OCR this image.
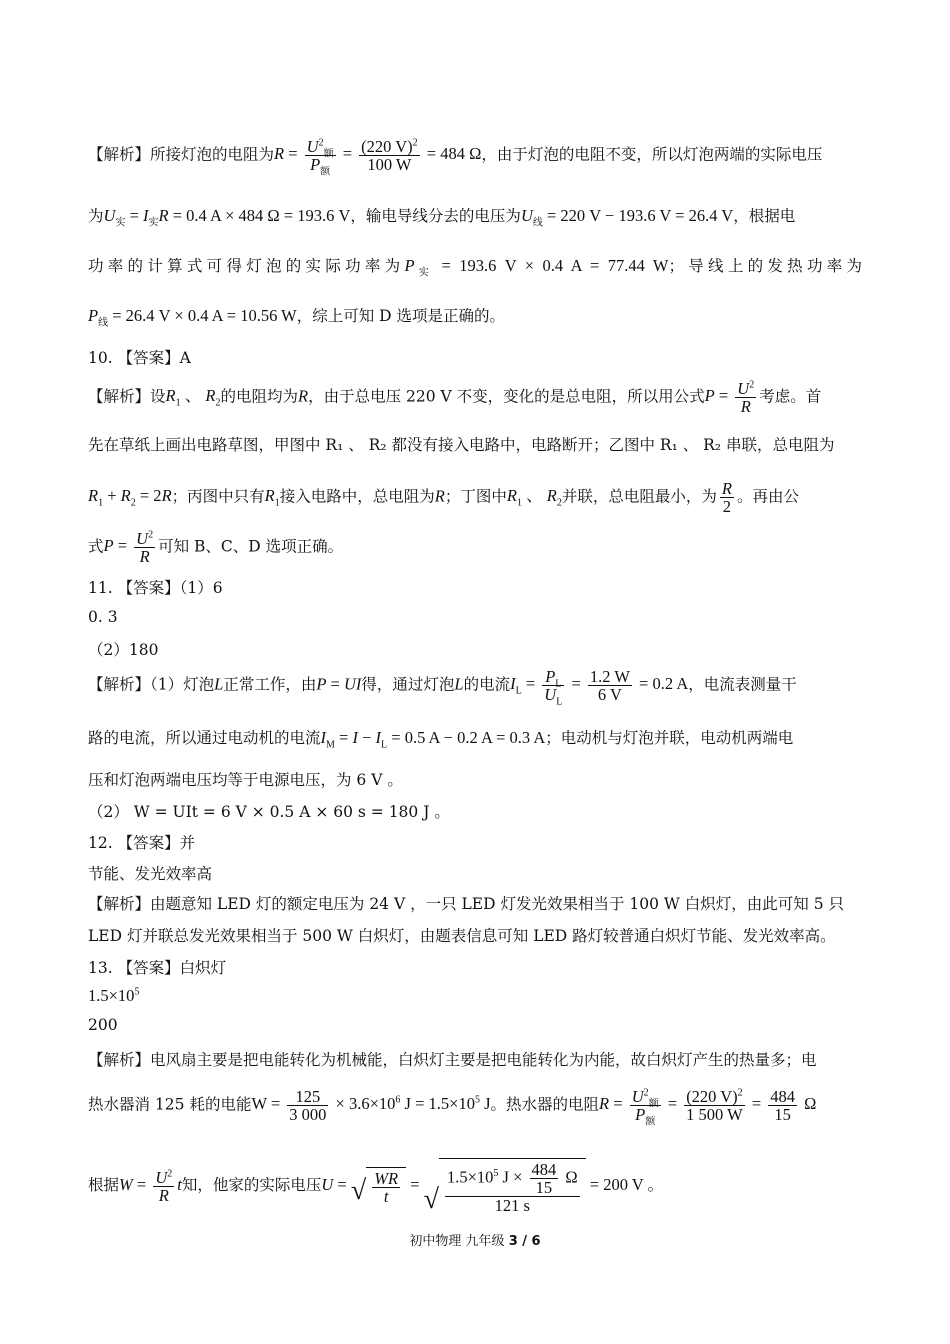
【解析】所接灯泡的电阻为$R = \frac{U^2_额}{P_额} = \frac{(220 V)^2}{100 W} = 484$ Ω，由于灯泡的电阻不变，所以灯泡两端的实际电压
为$U_实 = I_实R = 0.4$ A × 484 Ω = 193.6 V，输电导线分去的电压为$U_线 = 220$ V − 193.6 V = 26.4 V，根据电
功率的计算式可得灯泡的实际功率为$P_实 = 193.6$ V × 0.4 A = 77.44 W；导线上的发热功率为
$P_线 = 26.4$ V × 0.4 A = 10.56 W，综上可知 D 选项是正确的。
10. 【答案】A
【解析】设$R_1$ 、 $R_2$的电阻均为R，由于总电压 220 V 不变，变化的是总电阻，所以用公式$P = \frac{U^2}{R}$ 考虑。首
先在草纸上画出电路草图，甲图中 R₁ 、 R₂ 都没有接入电路中，电路断开；乙图中 R₁ 、 R₂ 串联，总电阻为
$R_1 + R_2 = 2R$；丙图中只有$R_1$接入电路中，总电阻为R；丁图中$R_1$ 、 $R_2$并联，总电阻最小，为 $\frac{R}{2}$ 。再由公
式$P = \frac{U^2}{R}$ 可知 B、C、D 选项正确。
11. 【答案】（1）6
0. 3
（2）180
【解析】（1）灯泡L正常工作，由P = UI得，通过灯泡L的电流$I_L = \frac{P_L}{U_L} = \frac{1.2 W}{6 V} = 0.2$ A，电流表测量干
路的电流，所以通过电动机的电流$I_M = I - I_L = 0.5$ A − 0.2 A = 0.3 A；电动机与灯泡并联，电动机两端电
压和灯泡两端电压均等于电源电压，为 6 V 。
（2） W = UIt = 6 V × 0.5 A × 60 s = 180 J 。
12. 【答案】并
节能、发光效率高
【解析】由题意知 LED 灯的额定电压为 24 V ，一只 LED 灯发光效果相当于 100 W 白炽灯，由此可知 5 只
LED 灯并联总发光效果相当于 500 W 白炽灯，由题表信息可知 LED 路灯较普通白炽灯节能、发光效率高。
13. 【答案】白炽灯
$1.5\times 10^5$
200
【解析】电风扇主要是把电能转化为机械能，白炽灯主要是把电能转化为内能，故白炽灯产生的热量多；电
热水器消 125 耗的电能$W = \frac{125}{3 000} \times 3.6\times 10^6$ $J = 1.5\times 10^5$ J。热水器的电阻$R = \frac{U^2_额}{P_额} = \frac{(220 V)^2}{1 500 W} = \frac{484}{15}$ Ω
根据$W = \frac{U^2}{R}$ t知，他家的实际电压U = √ $\frac{WR}{t}$ = √ $\frac{1.5\times 10^5 J \times \frac{484}{15} \Omega}{121 s} = 200$ V 。
初中物理 九年级 3 / 6
